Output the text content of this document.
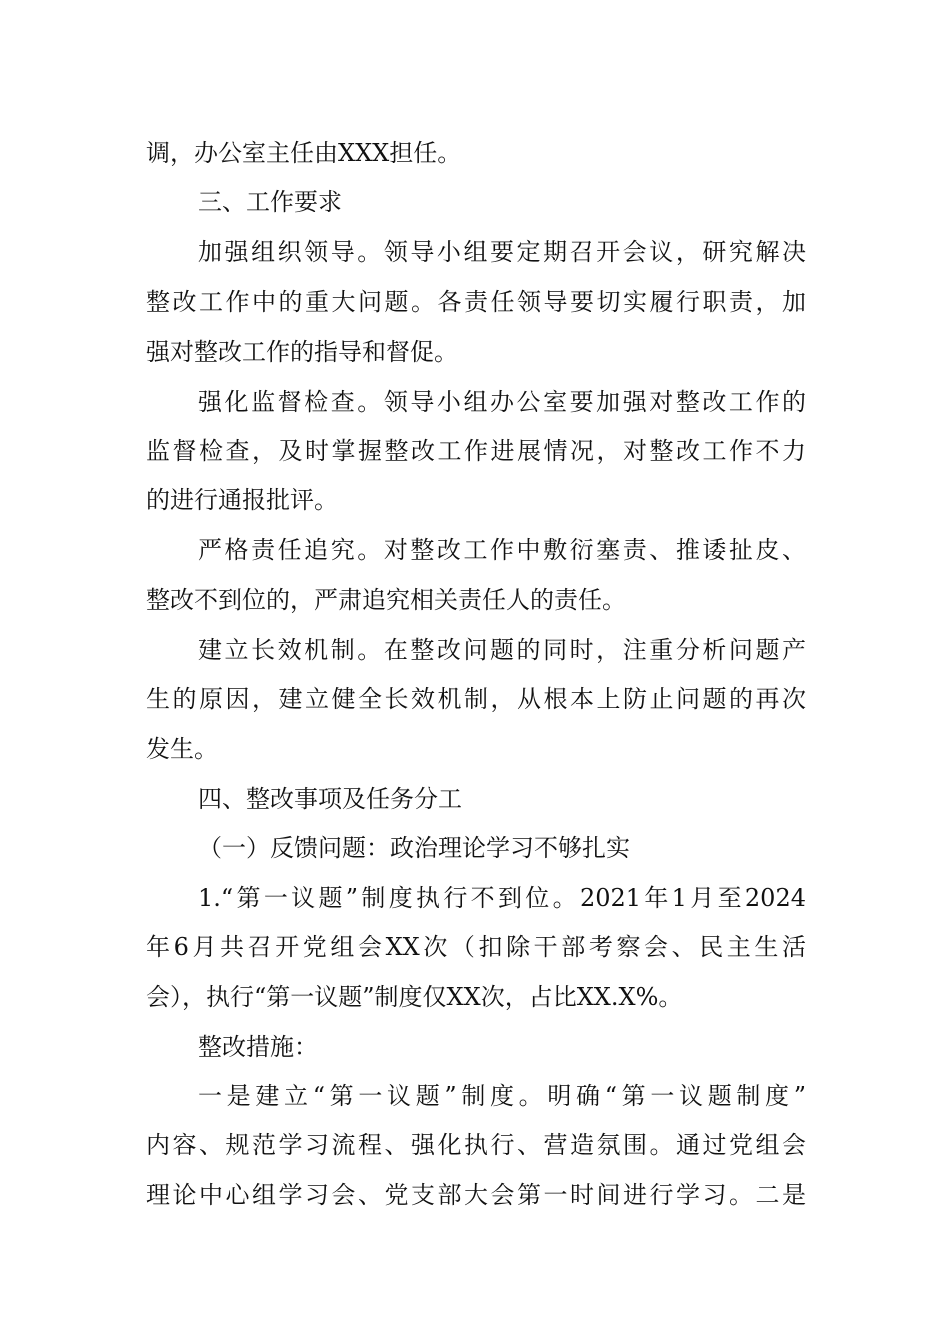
调，办公室主任由XXX担任。
三、工作要求
加强组织领导。领导小组要定期召开会议，研究解决
整改工作中的重大问题。各责任领导要切实履行职责，加
强对整改工作的指导和督促。
强化监督检查。领导小组办公室要加强对整改工作的
监督检查，及时掌握整改工作进展情况，对整改工作不力
的进行通报批评。
严格责任追究。对整改工作中敷衍塞责、推诿扯皮、
整改不到位的，严肃追究相关责任人的责任。
建立长效机制。在整改问题的同时，注重分析问题产
生的原因，建立健全长效机制，从根本上防止问题的再次
发生。
四、整改事项及任务分工
（一）反馈问题：政治理论学习不够扎实
1.“第一议题”制度执行不到位。2021年1月至2024
年6月共召开党组会XX次（扣除干部考察会、民主生活
会），执行“第一议题”制度仅XX次，占比XX.X%。
整改措施：
一是建立“第一议题”制度。明确“第一议题制度”
内容、规范学习流程、强化执行、营造氛围。通过党组会
理论中心组学习会、党支部大会第一时间进行学习。二是
